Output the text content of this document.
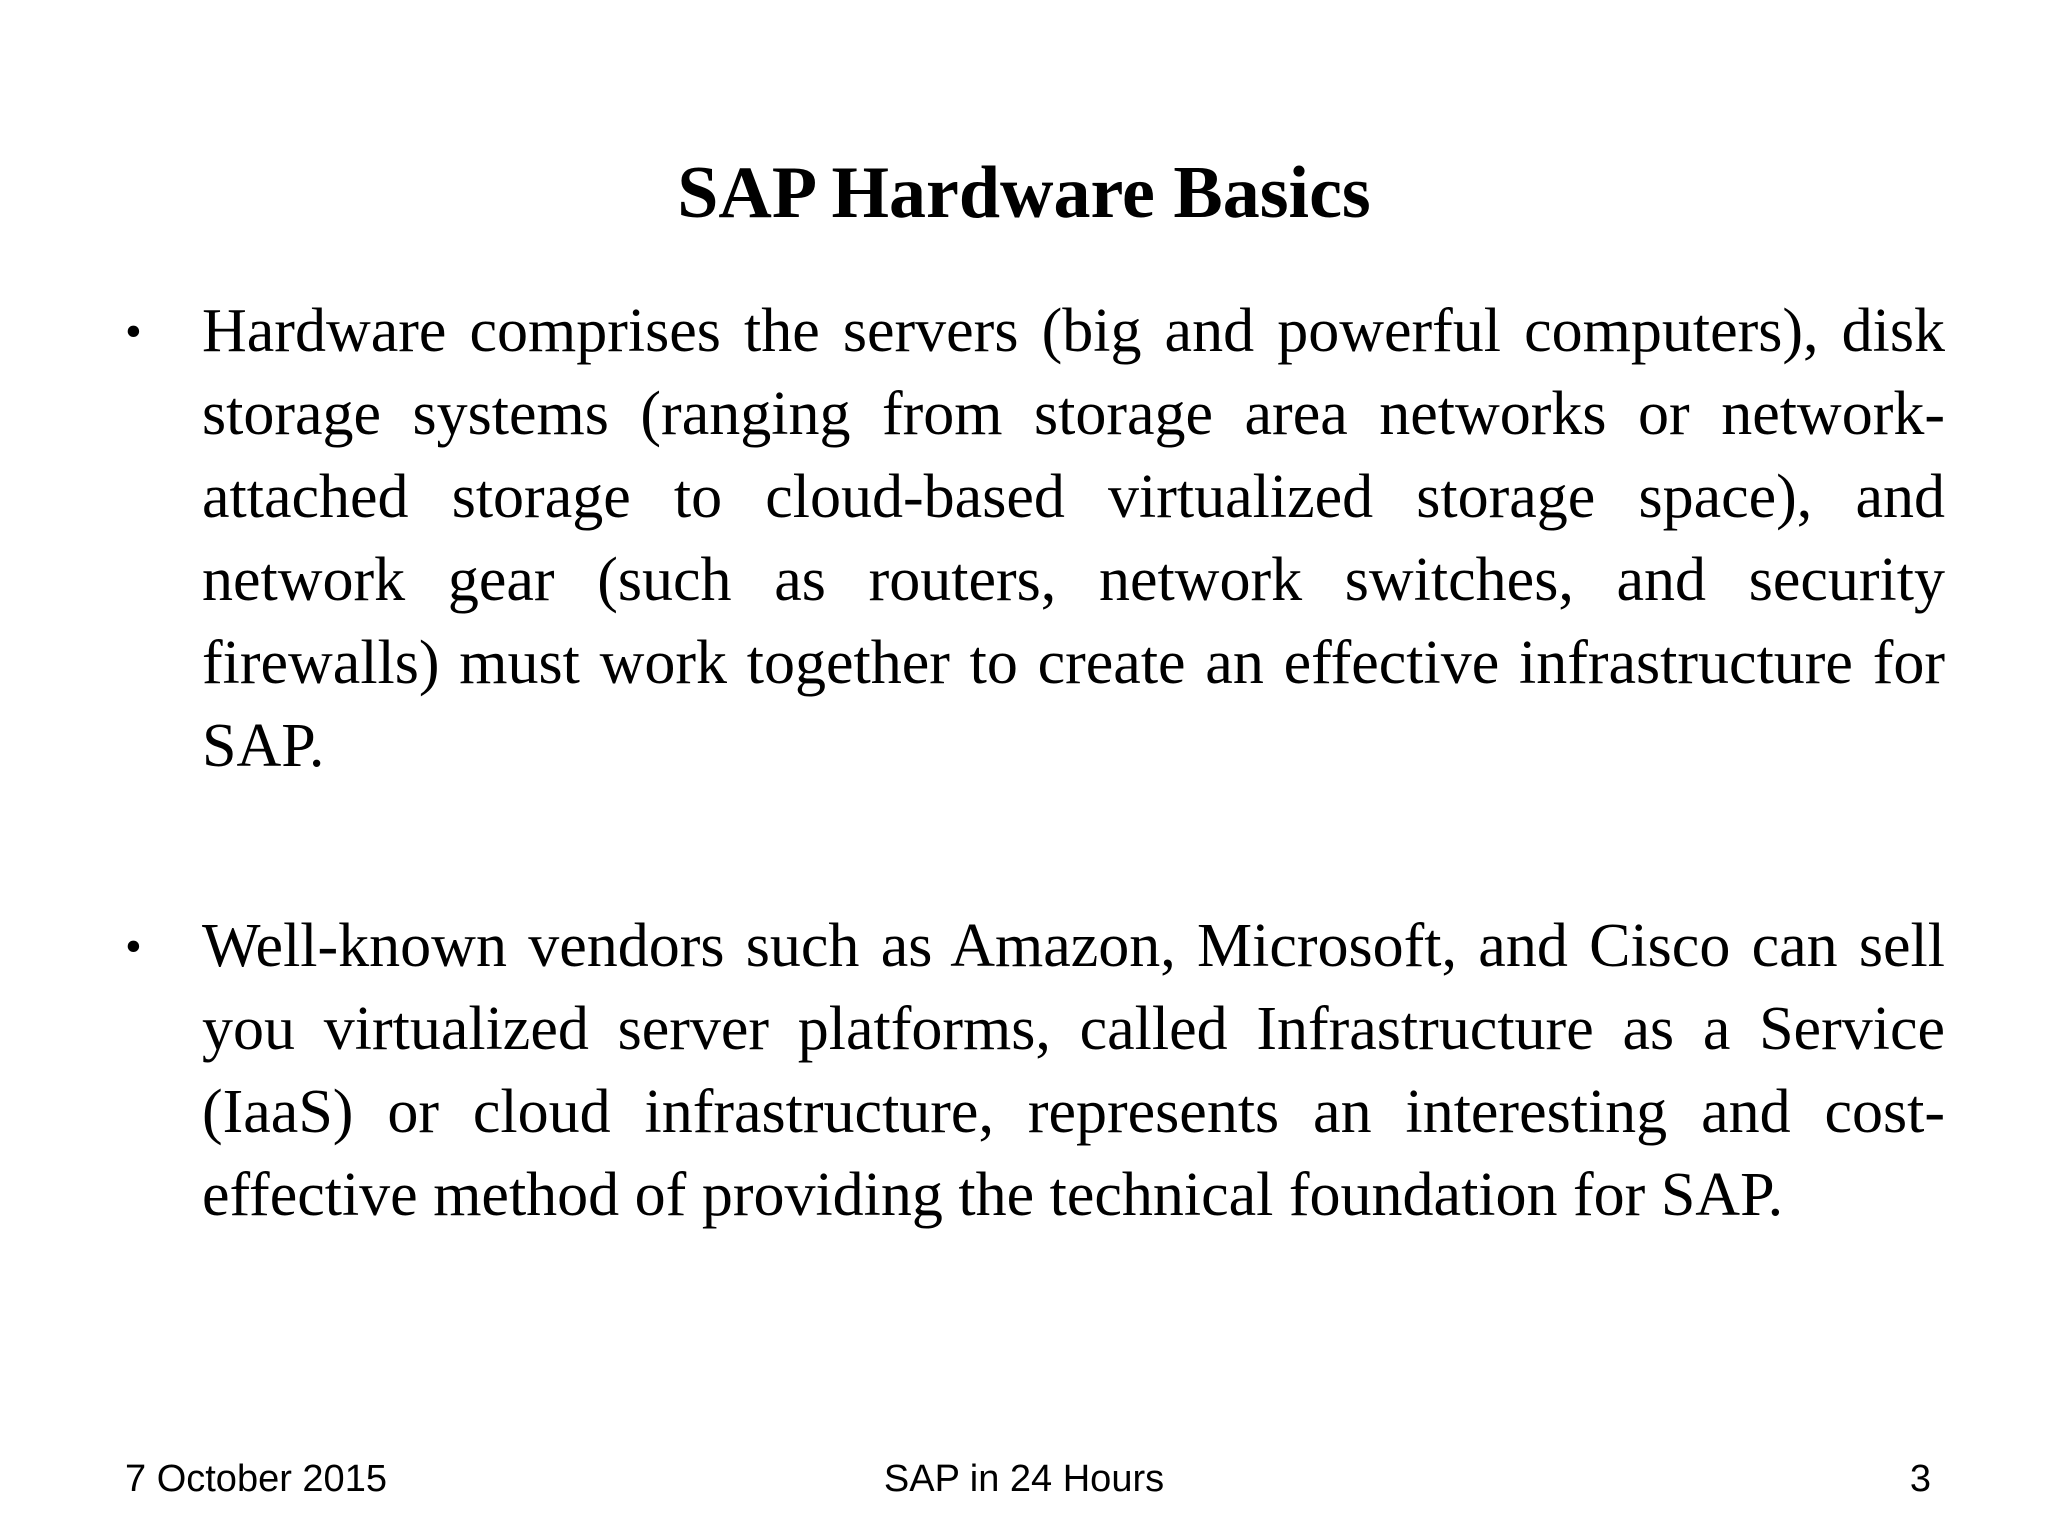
SAP Hardware Basics
• Hardware comprises the servers (big and powerful computers), disk storage systems (ranging from storage area networks or network-attached storage to cloud-based virtualized storage space), and network gear (such as routers, network switches, and security firewalls) must work together to create an effective infrastructure for SAP.
• Well-known vendors such as Amazon, Microsoft, and Cisco can sell you virtualized server platforms, called Infrastructure as a Service (IaaS) or cloud infrastructure, represents an interesting and cost-effective method of providing the technical foundation for SAP.
7 October 2015	SAP in 24 Hours	3
